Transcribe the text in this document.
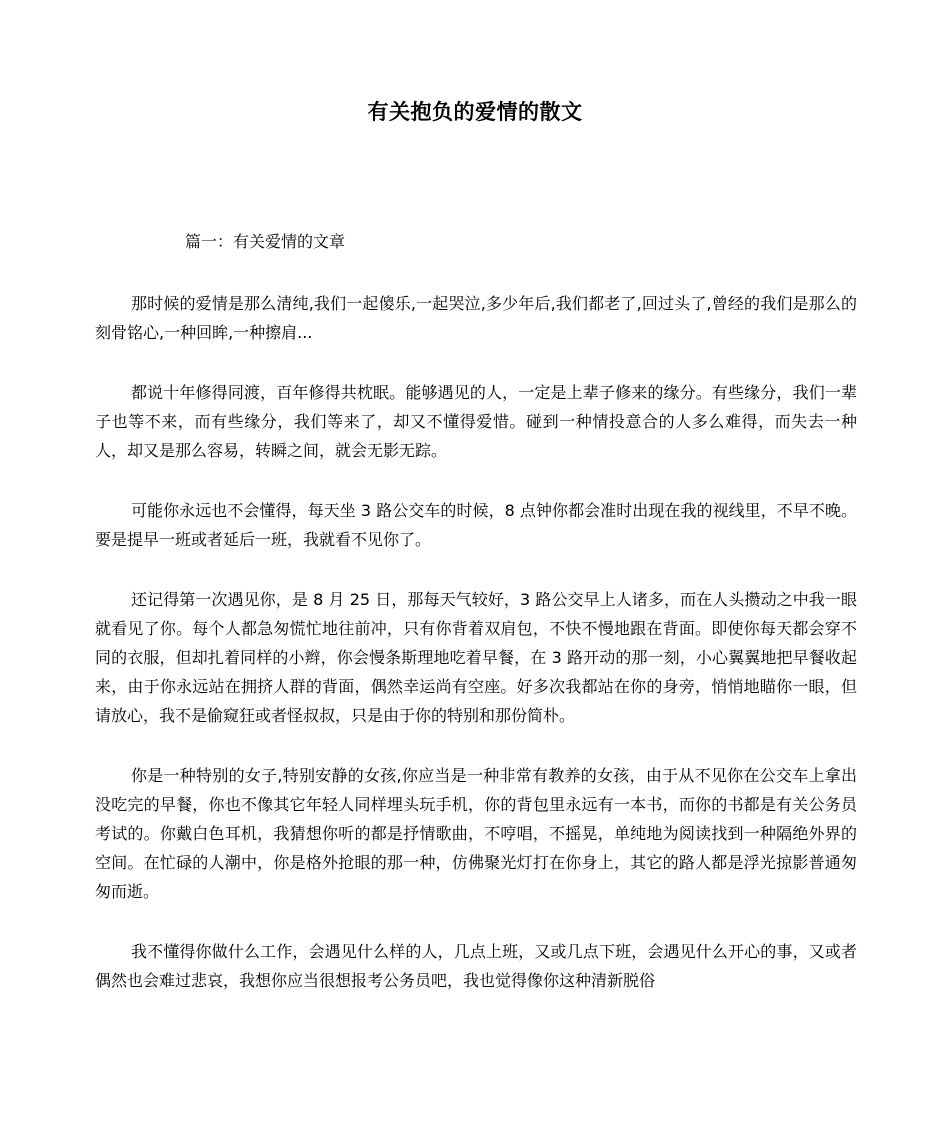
有关抱负的爱情的散文
篇一：有关爱情的文章

那时候的爱情是那么清纯,我们一起傻乐,一起哭泣,多少年后,我们都老了,回过头了,曾经的我们是那么的刻骨铭心,一种回眸,一种擦肩...

都说十年修得同渡，百年修得共枕眠。能够遇见的人，一定是上辈子修来的缘分。有些缘分，我们一辈子也等不来，而有些缘分，我们等来了，却又不懂得爱惜。碰到一种情投意合的人多么难得，而失去一种人，却又是那么容易，转瞬之间，就会无影无踪。

可能你永远也不会懂得，每天坐 3 路公交车的时候，8 点钟你都会准时出现在我的视线里，不早不晚。要是提早一班或者延后一班，我就看不见你了。

还记得第一次遇见你，是 8 月 25 日，那每天气较好，3 路公交早上人诸多，而在人头攒动之中我一眼就看见了你。每个人都急匆慌忙地往前冲，只有你背着双肩包，不快不慢地跟在背面。即使你每天都会穿不同的衣服，但却扎着同样的小辫，你会慢条斯理地吃着早餐，在 3 路开动的那一刻，小心翼翼地把早餐收起来，由于你永远站在拥挤人群的背面，偶然幸运尚有空座。好多次我都站在你的身旁，悄悄地瞄你一眼，但请放心，我不是偷窥狂或者怪叔叔，只是由于你的特别和那份简朴。

你是一种特别的女子,特别安静的女孩,你应当是一种非常有教养的女孩，由于从不见你在公交车上拿出没吃完的早餐，你也不像其它年轻人同样埋头玩手机，你的背包里永远有一本书，而你的书都是有关公务员考试的。你戴白色耳机，我猜想你听的都是抒情歌曲，不哼唱，不摇晃，单纯地为阅读找到一种隔绝外界的空间。在忙碌的人潮中，你是格外抢眼的那一种，仿佛聚光灯打在你身上，其它的路人都是浮光掠影普通匆匆而逝。

我不懂得你做什么工作，会遇见什么样的人，几点上班，又或几点下班，会遇见什么开心的事，又或者偶然也会难过悲哀，我想你应当很想报考公务员吧，我也觉得像你这种清新脱俗
